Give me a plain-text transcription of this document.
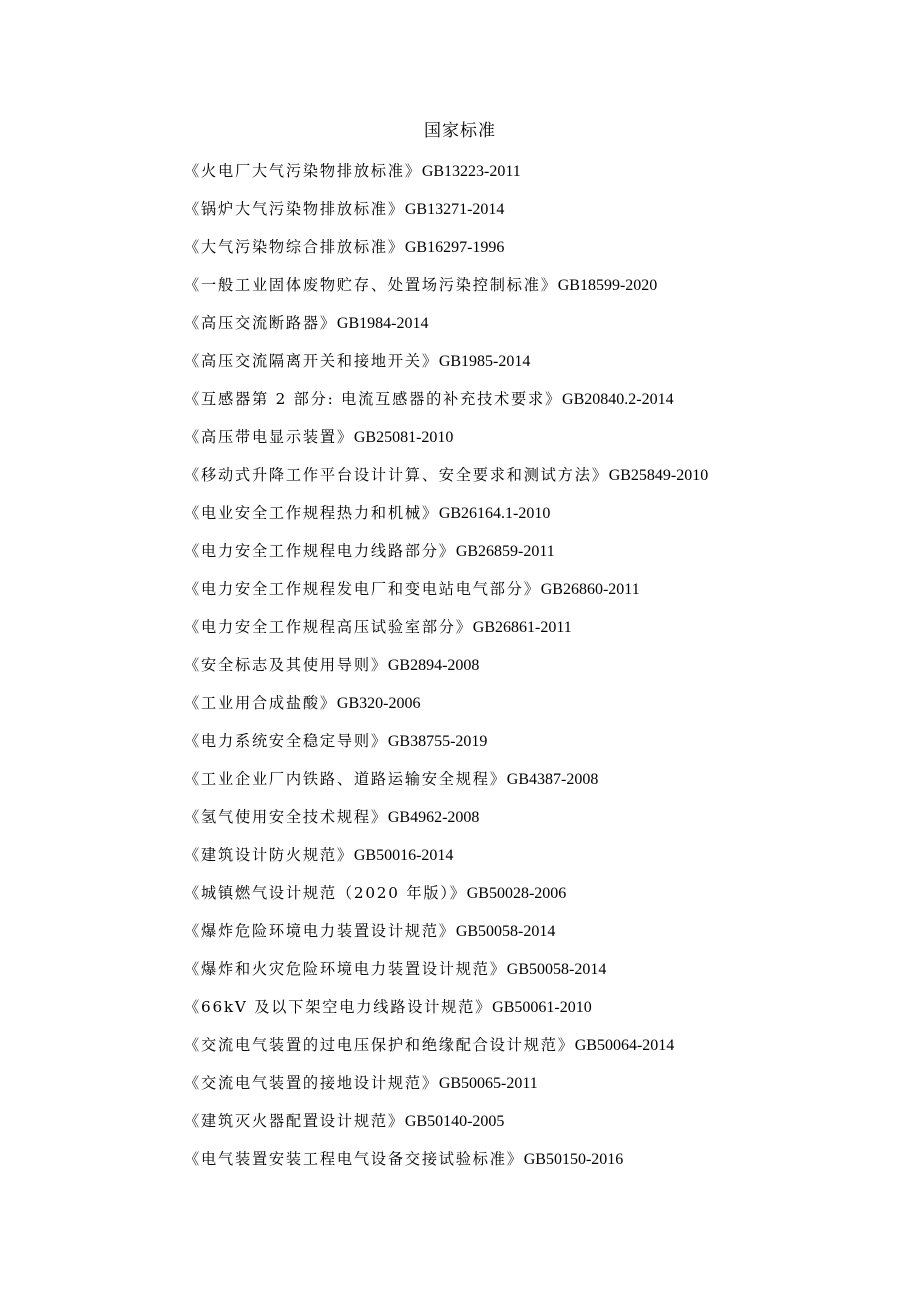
国家标准
《火电厂大气污染物排放标准》GB13223-2011
《锅炉大气污染物排放标准》GB13271-2014
《大气污染物综合排放标准》GB16297-1996
《一般工业固体废物贮存、处置场污染控制标准》GB18599-2020
《高压交流断路器》GB1984-2014
《高压交流隔离开关和接地开关》GB1985-2014
《互感器第 2 部分: 电流互感器的补充技术要求》GB20840.2-2014
《高压带电显示装置》GB25081-2010
《移动式升降工作平台设计计算、安全要求和测试方法》GB25849-2010
《电业安全工作规程热力和机械》GB26164.1-2010
《电力安全工作规程电力线路部分》GB26859-2011
《电力安全工作规程发电厂和变电站电气部分》GB26860-2011
《电力安全工作规程高压试验室部分》GB26861-2011
《安全标志及其使用导则》GB2894-2008
《工业用合成盐酸》GB320-2006
《电力系统安全稳定导则》GB38755-2019
《工业企业厂内铁路、道路运输安全规程》GB4387-2008
《氢气使用安全技术规程》GB4962-2008
《建筑设计防火规范》GB50016-2014
《城镇燃气设计规范（2020 年版）》GB50028-2006
《爆炸危险环境电力装置设计规范》GB50058-2014
《爆炸和火灾危险环境电力装置设计规范》GB50058-2014
《66kV 及以下架空电力线路设计规范》GB50061-2010
《交流电气装置的过电压保护和绝缘配合设计规范》GB50064-2014
《交流电气装置的接地设计规范》GB50065-2011
《建筑灭火器配置设计规范》GB50140-2005
《电气装置安装工程电气设备交接试验标准》GB50150-2016
